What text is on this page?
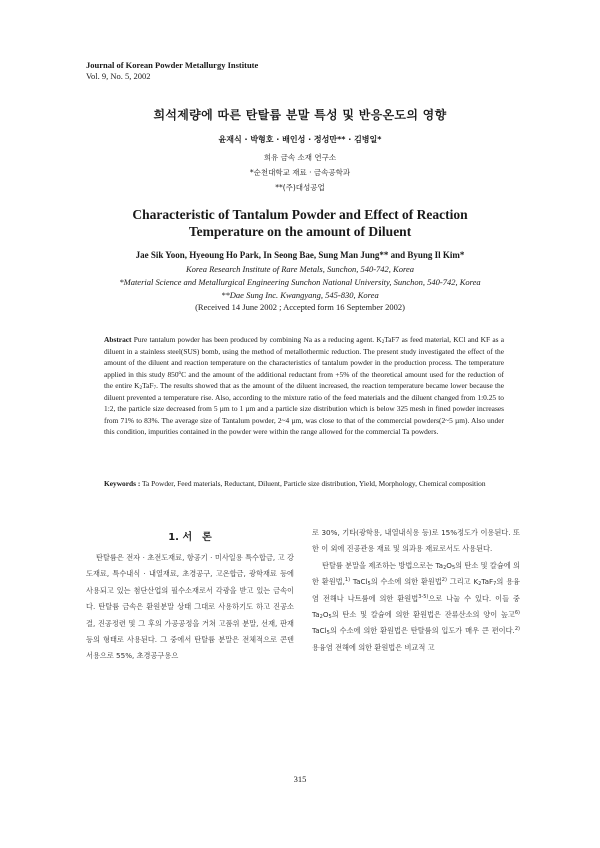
Journal of Korean Powder Metallurgy Institute
Vol. 9, No. 5, 2002
희석제량에 따른 탄탈륨 분말 특성 및 반응온도의 영향
윤재식 · 박형호 · 배인성 · 정성만** · 김병일*
희유 금속 소재 연구소
*순천대학교 재료 · 금속공학과
**(주)대성공업
Characteristic of Tantalum Powder and Effect of Reaction
Temperature on the amount of Diluent
Jae Sik Yoon, Hyeoung Ho Park, In Seong Bae, Sung Man Jung** and Byung Il Kim*
Korea Research Institute of Rare Metals, Sunchon, 540-742, Korea
*Material Science and Metallurgical Engineering Sunchon National University, Sunchon, 540-742, Korea
**Dae Sung Inc. Kwangyang, 545-830, Korea
(Received 14 June 2002 ; Accepted form 16 September 2002)
Abstract Pure tantalum powder has been produced by combining Na as a reducing agent. $K_2TaF7$ as feed material, KCl and KF as a diluent in a stainless steel(SUS) bomb, using the method of metallothermic reduction. The present study investigated the effect of the amount of the diluent and reaction temperature on the characteristics of tantalum powder in the production process. The temperature applied in this study 850$^o$C and the amount of the additional reductant from +5% of the theoretical amount used for the reduction of the entire $K_2TaF_7$. The results showed that as the amount of the diluent increased, the reaction temperature became lower because the diluent prevented a temperature rise. Also, according to the mixture ratio of the feed materials and the diluent changed from 1:0.25 to 1:2, the particle size decreased from 5 µm to 1 µm and a particle size distribution which is below 325 mesh in fined powder increases from 71% to 83%. The average size of Tantalum powder, 2~4 µm, was close to that of the commercial powders(2~5 µm). Also under this condition, impurities contained in the powder were within the range allowed for the commercial Ta powders.
Keywords : Ta Powder, Feed materials, Reductant, Diluent, Particle size distribution, Yield, Morphology, Chemical composition
1. 서　론

탄탈륨은 전자 · 초전도재료, 항공기 · 미사일용 특수합금, 고 강도재료, 특수내식 · 내열재료, 초경공구, 고온합금, 광학재료 등에 사용되고 있는 첨단산업의 필수소재로서 각광을 받고 있는 금속이다. 탄탈륨 금속은 환원분말 상태 그대로 사용하기도 하고 진공소결, 진공정련 및 그 후의 가공공정을 거쳐 고품위 분말, 선재, 판재 등의 형태로 사용된다. 그 중에서 탄탈륨 분말은 전체적으로 콘덴서용으로 55%, 초경공구용으

로 30%, 기타(광학용, 내열내식용 등)로 15%정도가 이용된다. 또한 이 외에 진공관용 재료 및 의과용 재료로서도 사용된다.

탄탈륨 분말을 제조하는 방법으로는 $Ta_2O_5$의 탄소 및 칼슘에 의한 환원법,$^{1)}$ TaCl$_5$의 수소에 의한 환원법$^{2)}$ 그리고 $K_2TaF_7$의 용융염 전해나 나트륨에 의한 환원법$^{3-5)}$으로 나눌 수 있다. 이들 중 $Ta_2O_5$의 탄소 및 칼슘에 의한 환원법은 잔류산소의 양이 높고$^{6)}$ TaCl$_5$의 수소에 의한 환원법은 탄탈륨의 입도가 매우 큰 편이다.$^{2)}$ 용융염 전해에 의한 환원법은 비교적 고

315
